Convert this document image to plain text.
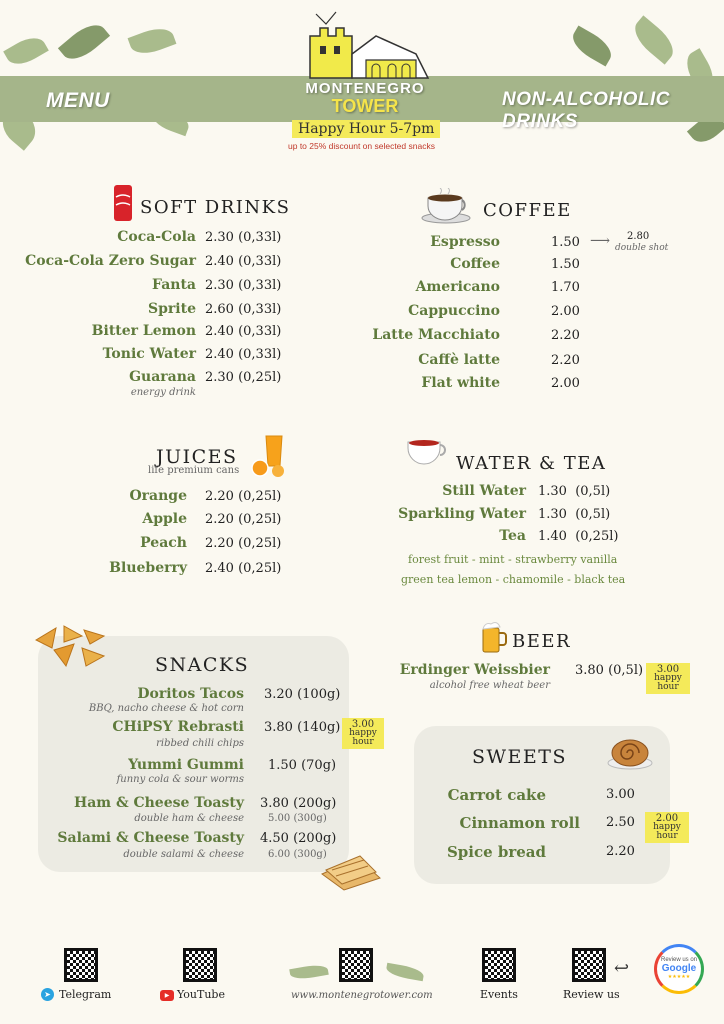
MENU	NON-ALCOHOLIC DRINKS
MONTENEGRO
TOWER
Happy Hour 5-7pm
up to 25% discount on selected snacks
SOFT DRINKS
Coca-Cola 2.30 (0,33l)
Coca-Cola Zero Sugar 2.40 (0,33l)
Fanta 2.30 (0,33l)
Sprite 2.60 (0,33l)
Bitter Lemon 2.40 (0,33l)
Tonic Water 2.40 (0,33l)
Guarana 2.30 (0,25l)
energy drink
COFFEE
Espresso	1.50 ⟶ 2.80
double shot
Coffee	1.50
Americano	1.70
Cappuccino	2.00
Latte Macchiato	2.20
Caffè latte	2.20
Flat white	2.00
JUICES
life premium cans
Orange 2.20 (0,25l)
Apple 2.20 (0,25l)
Peach 2.20 (0,25l)
Blueberry 2.40 (0,25l)
WATER & TEA
Still Water 1.30  (0,5l)
Sparkling Water 1.30  (0,5l)
Tea 1.40  (0,25l)
forest fruit - mint - strawberry vanilla
green tea lemon - chamomile - black tea
SNACKS
Doritos Tacos 3.20 (100g)
BBQ, nacho cheese & hot corn
CHiPSY Rebrasti 3.80 (140g)
ribbed chili chips
3.00
happy hour
Yummi Gummi 1.50 (70g)
funny cola & sour worms
Ham & Cheese Toasty 3.80 (200g)
double ham & cheese 5.00 (300g)
Salami & Cheese Toasty 4.50 (200g)
double salami & cheese 6.00 (300g)
BEER
Erdinger Weissbier 3.80 (0,5l)
alcohol free wheat beer
3.00
happy hour
SWEETS
Carrot cake	3.00
Cinnamon roll 2.50	2.00
happy hour
Spice bread	2.20
➤ Telegram	▶ YouTube	www.montenegrotower.com	Events
↩
Review us
Review us on
Google
★★★★★
